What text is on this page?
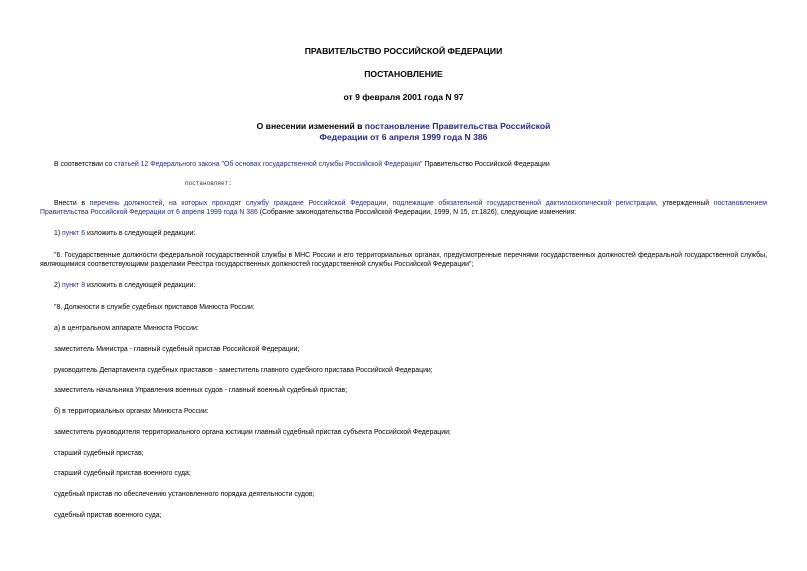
ПРАВИТЕЛЬСТВО РОССИЙСКОЙ ФЕДЕРАЦИИ
ПОСТАНОВЛЕНИЕ
от 9 февраля 2001 года N 97
О внесении изменений в постановление Правительства Российской
Федерации от 6 апреля 1999 года N 386
В соответствии со статьей 12 Федерального закона "Об основах государственной службы Российской Федерации" Правительство Российской Федерации
постановляет:
Внести в перечень должностей, на которых проходят службу граждане Российской Федерации, подлежащие обязательной государственной дактилоскопической регистрации, утвержденный постановлением Правительства Российской Федерации от 6 апреля 1999 года N 386 (Собрание законодательства Российской Федерации, 1999, N 15, ст.1826), следующие изменения:
1) пункт 6 изложить в следующей редакции:
"6. Государственные должности федеральной государственной службы в МНС России и его территориальных органах, предусмотренные перечнями государственных должностей федеральной государственной службы, являющимися соответствующими разделами Реестра государственных должностей государственной службы Российской Федерации";
2) пункт 8 изложить в следующей редакции:
"8. Должности в службе судебных приставов Минюста России:
а) в центральном аппарате Минюста России:
заместитель Министра - главный судебный пристав Российской Федерации;
руководитель Департамента судебных приставов - заместитель главного судебного пристава Российской Федерации;
заместитель начальника Управления военных судов - главный военный судебный пристав;
б) в территориальных органах Минюста России:
заместитель руководителя территориального органа юстиции главный судебный пристав субъекта Российской Федерации;
старший судебный пристав;
старший судебный пристав военного суда;
судебный пристав по обеспечению установленного порядка деятельности судов;
судебный пристав военного суда;
